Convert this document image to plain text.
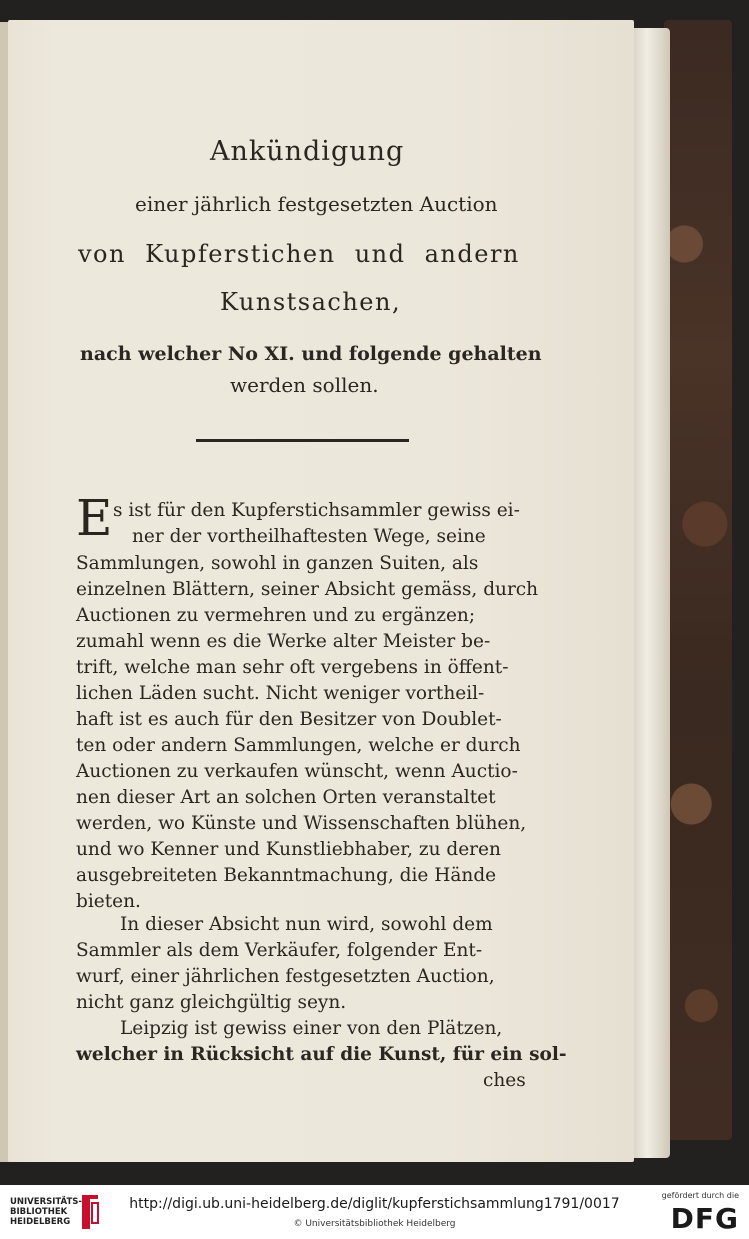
Ankündigung
einer jährlich festgesetzten Auction
von Kupferstichen und andern
Kunstsachen,
nach welcher No XI. und folgende gehalten
werden sollen.
E s ist für den Kupferstichsammler gewiss ei-
ner der vortheilhaftesten Wege, seine
Sammlungen, sowohl in ganzen Suiten, als
einzelnen Blättern, seiner Absicht gemäss, durch
Auctionen zu vermehren und zu ergänzen;
zumahl wenn es die Werke alter Meister be-
trift, welche man sehr oft vergebens in öffent-
lichen Läden sucht. Nicht weniger vortheil-
haft ist es auch für den Besitzer von Doublet-
ten oder andern Sammlungen, welche er durch
Auctionen zu verkaufen wünscht, wenn Auctio-
nen dieser Art an solchen Orten veranstaltet
werden, wo Künste und Wissenschaften blühen,
und wo Kenner und Kunstliebhaber, zu deren
ausgebreiteten Bekanntmachung, die Hände
bieten.
In dieser Absicht nun wird, sowohl dem
Sammler als dem Verkäufer, folgender Ent-
wurf, einer jährlichen festgesetzten Auction,
nicht ganz gleichgültig seyn.
Leipzig ist gewiss einer von den Plätzen,
welcher in Rücksicht auf die Kunst, für ein sol-
ches
UNIVERSITÄTS-
BIBLIOTHEK
HEIDELBERG
http://digi.ub.uni-heidelberg.de/diglit/kupferstichsammlung1791/0017
© Universitätsbibliothek Heidelberg
gefördert durch die
DFG
